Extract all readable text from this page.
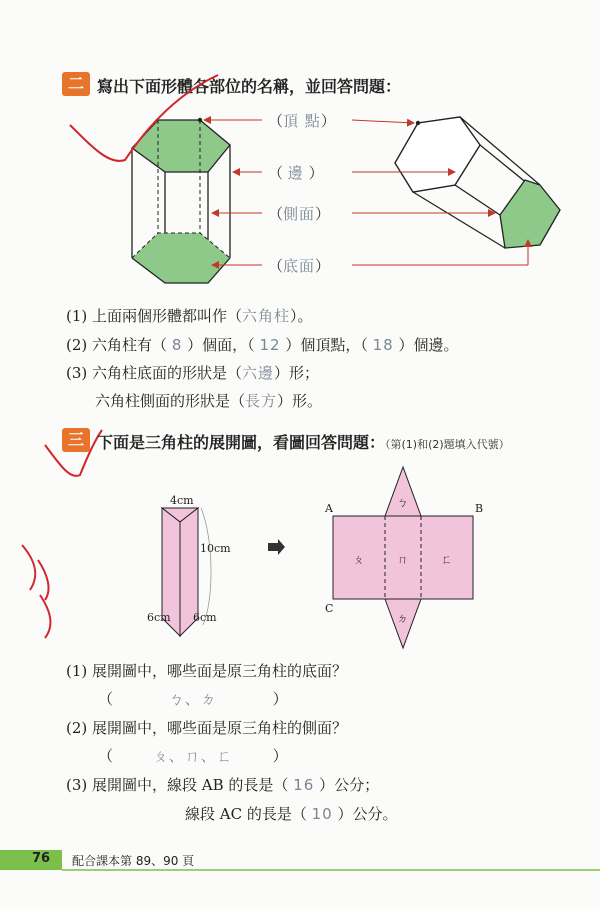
二 寫出下面形體各部位的名稱，並回答問題：
（頂 點）
（ 邊 ）
（側面）
（底面）
(1) 上面兩個形體都叫作（六角柱）。
(2) 六角柱有（ 8 ）個面，（ 12 ）個頂點，（ 18 ）個邊。
(3) 六角柱底面的形狀是（六邊）形；
六角柱側面的形狀是（長方）形。
三 下面是三角柱的展開圖，看圖回答問題：（第(1)和(2)題填入代號）
4cm
10cm
6cm 6cm
A	B
C
ㄅ
ㄆ	ㄇ	ㄈ
ㄉ
(1) 展開圖中，哪些面是原三角柱的底面？
（	ㄅ、ㄉ	）
(2) 展開圖中，哪些面是原三角柱的側面？
（	ㄆ、ㄇ、ㄈ	）
(3) 展開圖中，線段 AB 的長是（ 16 ）公分；
線段 AC 的長是（ 10 ）公分。
76 配合課本第 89、90 頁
